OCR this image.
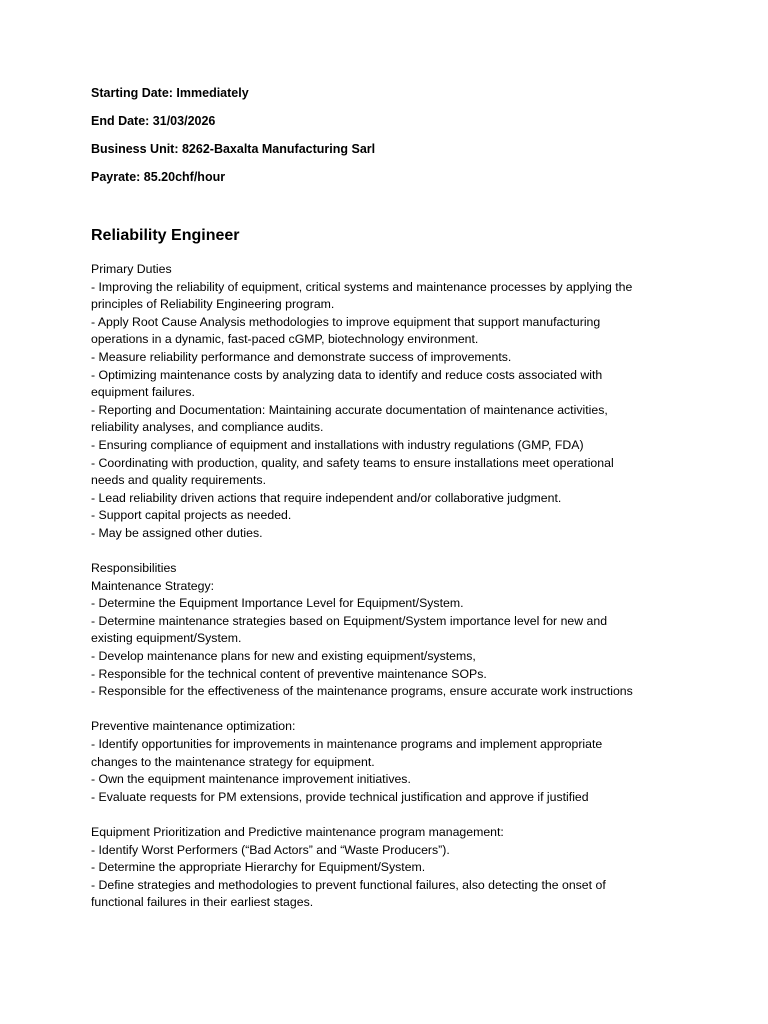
Starting Date: Immediately
End Date: 31/03/2026
Business Unit: 8262-Baxalta Manufacturing Sarl
Payrate: 85.20chf/hour
Reliability Engineer
Primary Duties
- Improving the reliability of equipment, critical systems and maintenance processes by applying the
principles of Reliability Engineering program.
- Apply Root Cause Analysis methodologies to improve equipment that support manufacturing
operations in a dynamic, fast-paced cGMP, biotechnology environment.
- Measure reliability performance and demonstrate success of improvements.
- Optimizing maintenance costs by analyzing data to identify and reduce costs associated with
equipment failures.
- Reporting and Documentation: Maintaining accurate documentation of maintenance activities,
reliability analyses, and compliance audits.
- Ensuring compliance of equipment and installations with industry regulations (GMP, FDA)
- Coordinating with production, quality, and safety teams to ensure installations meet operational
needs and quality requirements.
- Lead reliability driven actions that require independent and/or collaborative judgment.
- Support capital projects as needed.
- May be assigned other duties.
Responsibilities
Maintenance Strategy:
- Determine the Equipment Importance Level for Equipment/System.
- Determine maintenance strategies based on Equipment/System importance level for new and
existing equipment/System.
- Develop maintenance plans for new and existing equipment/systems,
- Responsible for the technical content of preventive maintenance SOPs.
- Responsible for the effectiveness of the maintenance programs, ensure accurate work instructions
Preventive maintenance optimization:
- Identify opportunities for improvements in maintenance programs and implement appropriate
changes to the maintenance strategy for equipment.
- Own the equipment maintenance improvement initiatives.
- Evaluate requests for PM extensions, provide technical justification and approve if justified
Equipment Prioritization and Predictive maintenance program management:
- Identify Worst Performers (“Bad Actors” and “Waste Producers”).
- Determine the appropriate Hierarchy for Equipment/System.
- Define strategies and methodologies to prevent functional failures, also detecting the onset of
functional failures in their earliest stages.
